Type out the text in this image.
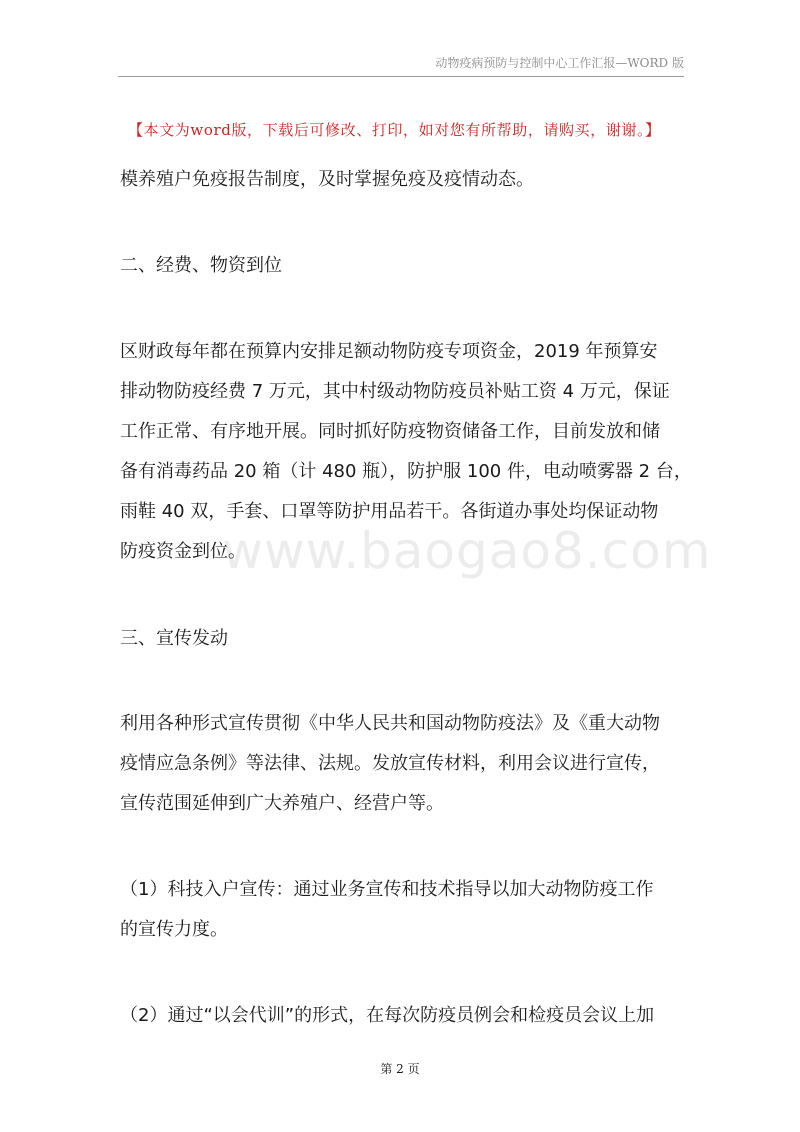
动物疫病预防与控制中心工作汇报—WORD 版
【本文为word版，下载后可修改、打印，如对您有所帮助，请购买，谢谢。】
www.baogao8.com
模养殖户免疫报告制度，及时掌握免疫及疫情动态。
二、经费、物资到位
区财政每年都在预算内安排足额动物防疫专项资金，2019 年预算安
排动物防疫经费 7 万元，其中村级动物防疫员补贴工资 4 万元，保证
工作正常、有序地开展。同时抓好防疫物资储备工作，目前发放和储
备有消毒药品 20 箱（计 480 瓶），防护服 100 件，电动喷雾器 2 台，
雨鞋 40 双，手套、口罩等防护用品若干。各街道办事处均保证动物
防疫资金到位。
三、宣传发动
利用各种形式宣传贯彻《中华人民共和国动物防疫法》及《重大动物
疫情应急条例》等法律、法规。发放宣传材料，利用会议进行宣传，
宣传范围延伸到广大养殖户、经营户等。
（1）科技入户宣传：通过业务宣传和技术指导以加大动物防疫工作
的宣传力度。
（2）通过“以会代训”的形式，在每次防疫员例会和检疫员会议上加
第 2 页
